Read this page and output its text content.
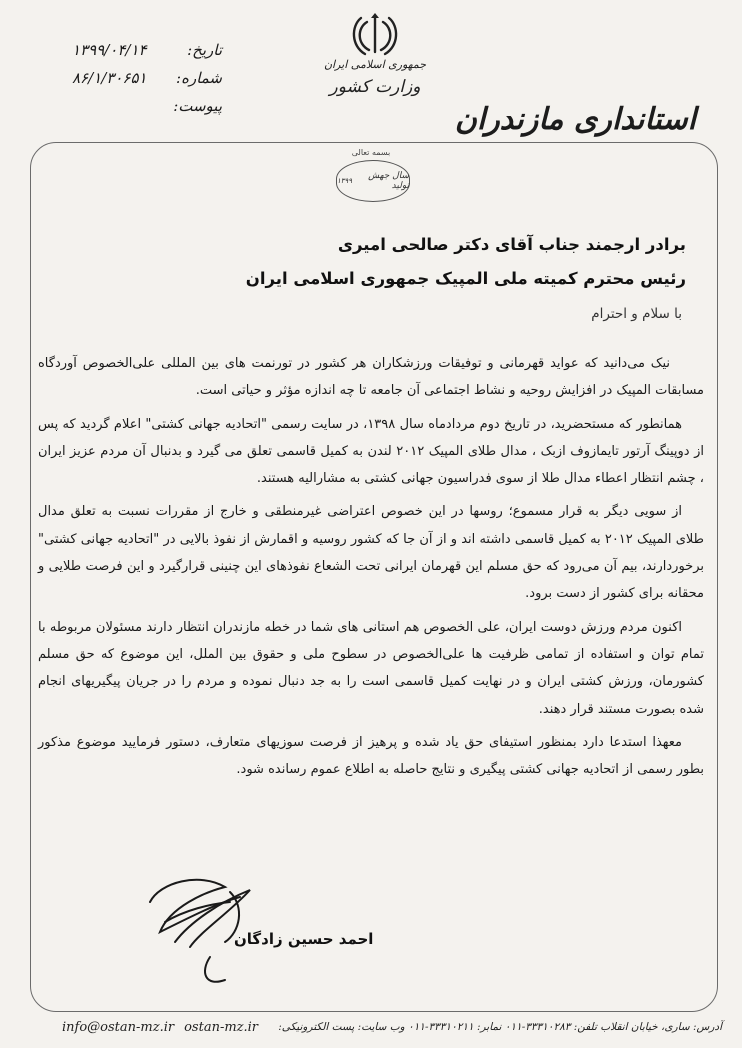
۱۳۹۹/۰۴/۱۴	تاریخ:
۸۶/۱/۳۰۶۵۱ شماره:
پیوست:
جمهوری اسلامی ایران
وزارت کشور
استانداری مازندران
بسمه تعالی
سال جهش تولید
۱۳۹۹
برادر ارجمند جناب آقای دکتر صالحی امیری
رئیس محترم کمیته ملی المپیک جمهوری اسلامی ایران
با سلام و احترام

نیک می‌دانید که عواید قهرمانی و توفیقات ورزشکاران هر کشور در تورنمت های بین المللی علی‌الخصوص آوردگاه مسابقات المپیک در افزایش روحیه و نشاط اجتماعی آن جامعه تا چه اندازه مؤثر و حیاتی است.

همانطور که مستحضرید، در تاریخ دوم مردادماه سال ۱۳۹۸، در سایت رسمی "اتحادیه جهانی کشتی" اعلام گردید که پس از دوپینگ آرتور تایمازوف ازبک ، مدال طلای المپیک ۲۰۱۲ لندن به کمیل قاسمی تعلق می گیرد و بدنبال آن مردم عزیز ایران ، چشم انتظار اعطاء مدال طلا از سوی فدراسیون جهانی کشتی به مشارالیه هستند.

از سویی دیگر به قرار مسموع؛ روسها در این خصوص اعتراضی غیرمنطقی و خارج از مقررات نسبت به تعلق مدال طلای المپیک ۲۰۱۲ به کمیل قاسمی داشته اند و از آن جا که کشور روسیه و اقمارش از نفوذ بالایی در "اتحادیه جهانی کشتی" برخوردارند، بیم آن می‌رود که حق مسلم این قهرمان ایرانی تحت الشعاع نفوذهای این چنینی قرارگیرد و این فرصت طلایی و محقانه برای کشور از دست برود.

اکنون مردم ورزش دوست ایران، علی الخصوص هم استانی های شما در خطه مازندران انتظار دارند مسئولان مربوطه با تمام توان و استفاده از تمامی ظرفیت ها علی‌الخصوص در سطوح ملی و حقوق بین الملل، این موضوع که حق مسلم کشورمان، ورزش کشتی ایران و در نهایت کمیل قاسمی است را به جد دنبال نموده و مردم را در جریان پیگیریهای انجام شده بصورت مستند قرار دهند.

معهذا استدعا دارد بمنظور استیفای حق یاد شده و پرهیز از فرصت سوزیهای متعارف، دستور فرمایید موضوع مذکور بطور رسمی از اتحادیه جهانی کشتی پیگیری و نتایج حاصله به اطلاع عموم رسانده شود.

احمد حسین زادگان
info@ostan-mz.ir ostan-mz.ir آدرس: ساری، خیابان انقلاب تلفن: ۳۳۳۱۰۲۸۳-۰۱۱ نمابر: ۳۳۳۱۰۲۱۱-۰۱۱ وب سایت: پست الکترونیکی:
